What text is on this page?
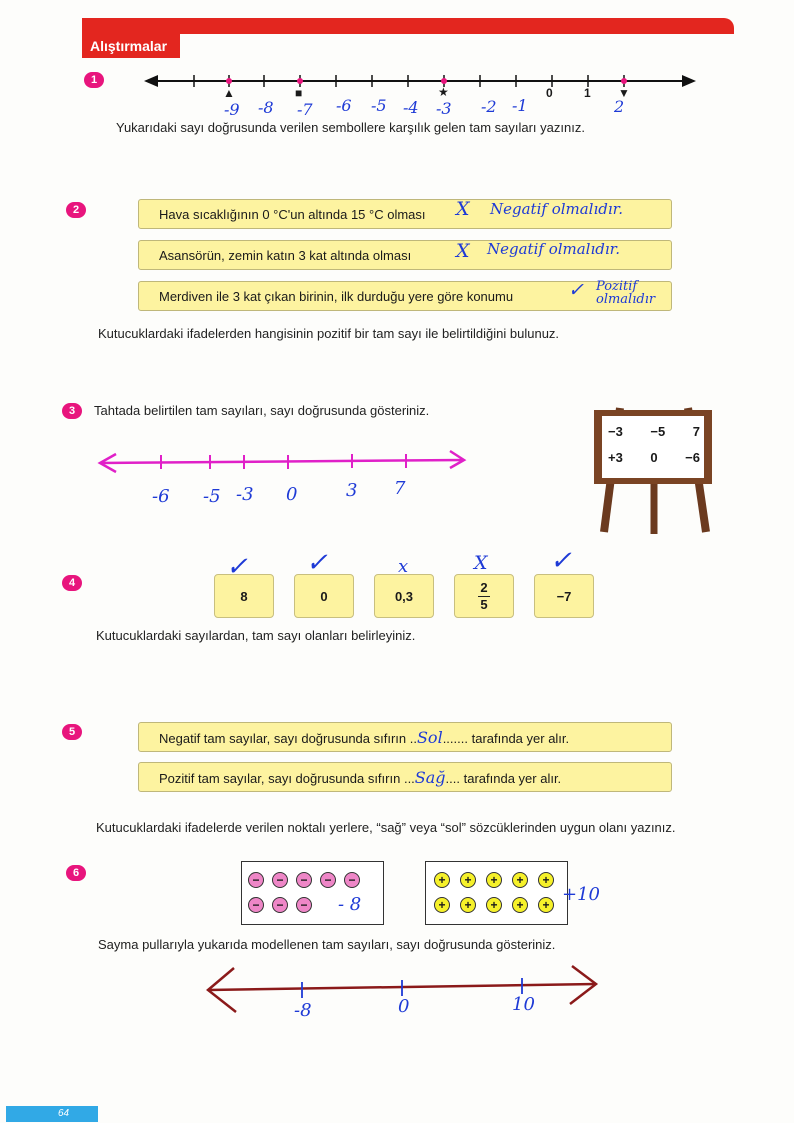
Alıştırmalar
1
▲	■	★	▼
0	1
-9 -8 -7 -6 -5 -4 -3 -2 -1	2
Yukarıdaki sayı doğrusunda verilen sembollere karşılık gelen tam sayıları yazınız.
2	Hava sıcaklığının 0 °C'un altında 15 °C olması	X Negatif olmalıdır.
Asansörün, zemin katın 3 kat altında olması	X Negatif olmalıdır.
Merdiven ile 3 kat çıkan birinin, ilk durduğu yere göre konumu	✓ Pozitif olmalıdır
Kutucuklardaki ifadelerden hangisinin pozitif bir tam sayı ile belirtildiğini bulunuz.
3	Tahtada belirtilen tam sayıları, sayı doğrusunda gösteriniz.
-6 -5 -3 0	3 7
−3 −5 7
+3 0 −6
4
8
✓
0
✓
0,3
x
2
5
X
−7
✓
Kutucuklardaki sayılardan, tam sayı olanları belirleyiniz.
5	Negatif tam sayılar, sayı doğrusunda sıfırın ..Sol....... tarafında yer alır.
Pozitif tam sayılar, sayı doğrusunda sıfırın ...Sağ.... tarafında yer alır.
Kutucuklardaki ifadelerde verilen noktalı yerlere, “sağ” veya “sol” sözcüklerinden uygun olanı yazınız.
6	−	−	−	−	−
−	−	− - 8
+	+	+	+	+
+	+	+	+	+ +10
Sayma pullarıyla yukarıda modellenen tam sayıları, sayı doğrusunda gösteriniz.
-8	0	10
64
